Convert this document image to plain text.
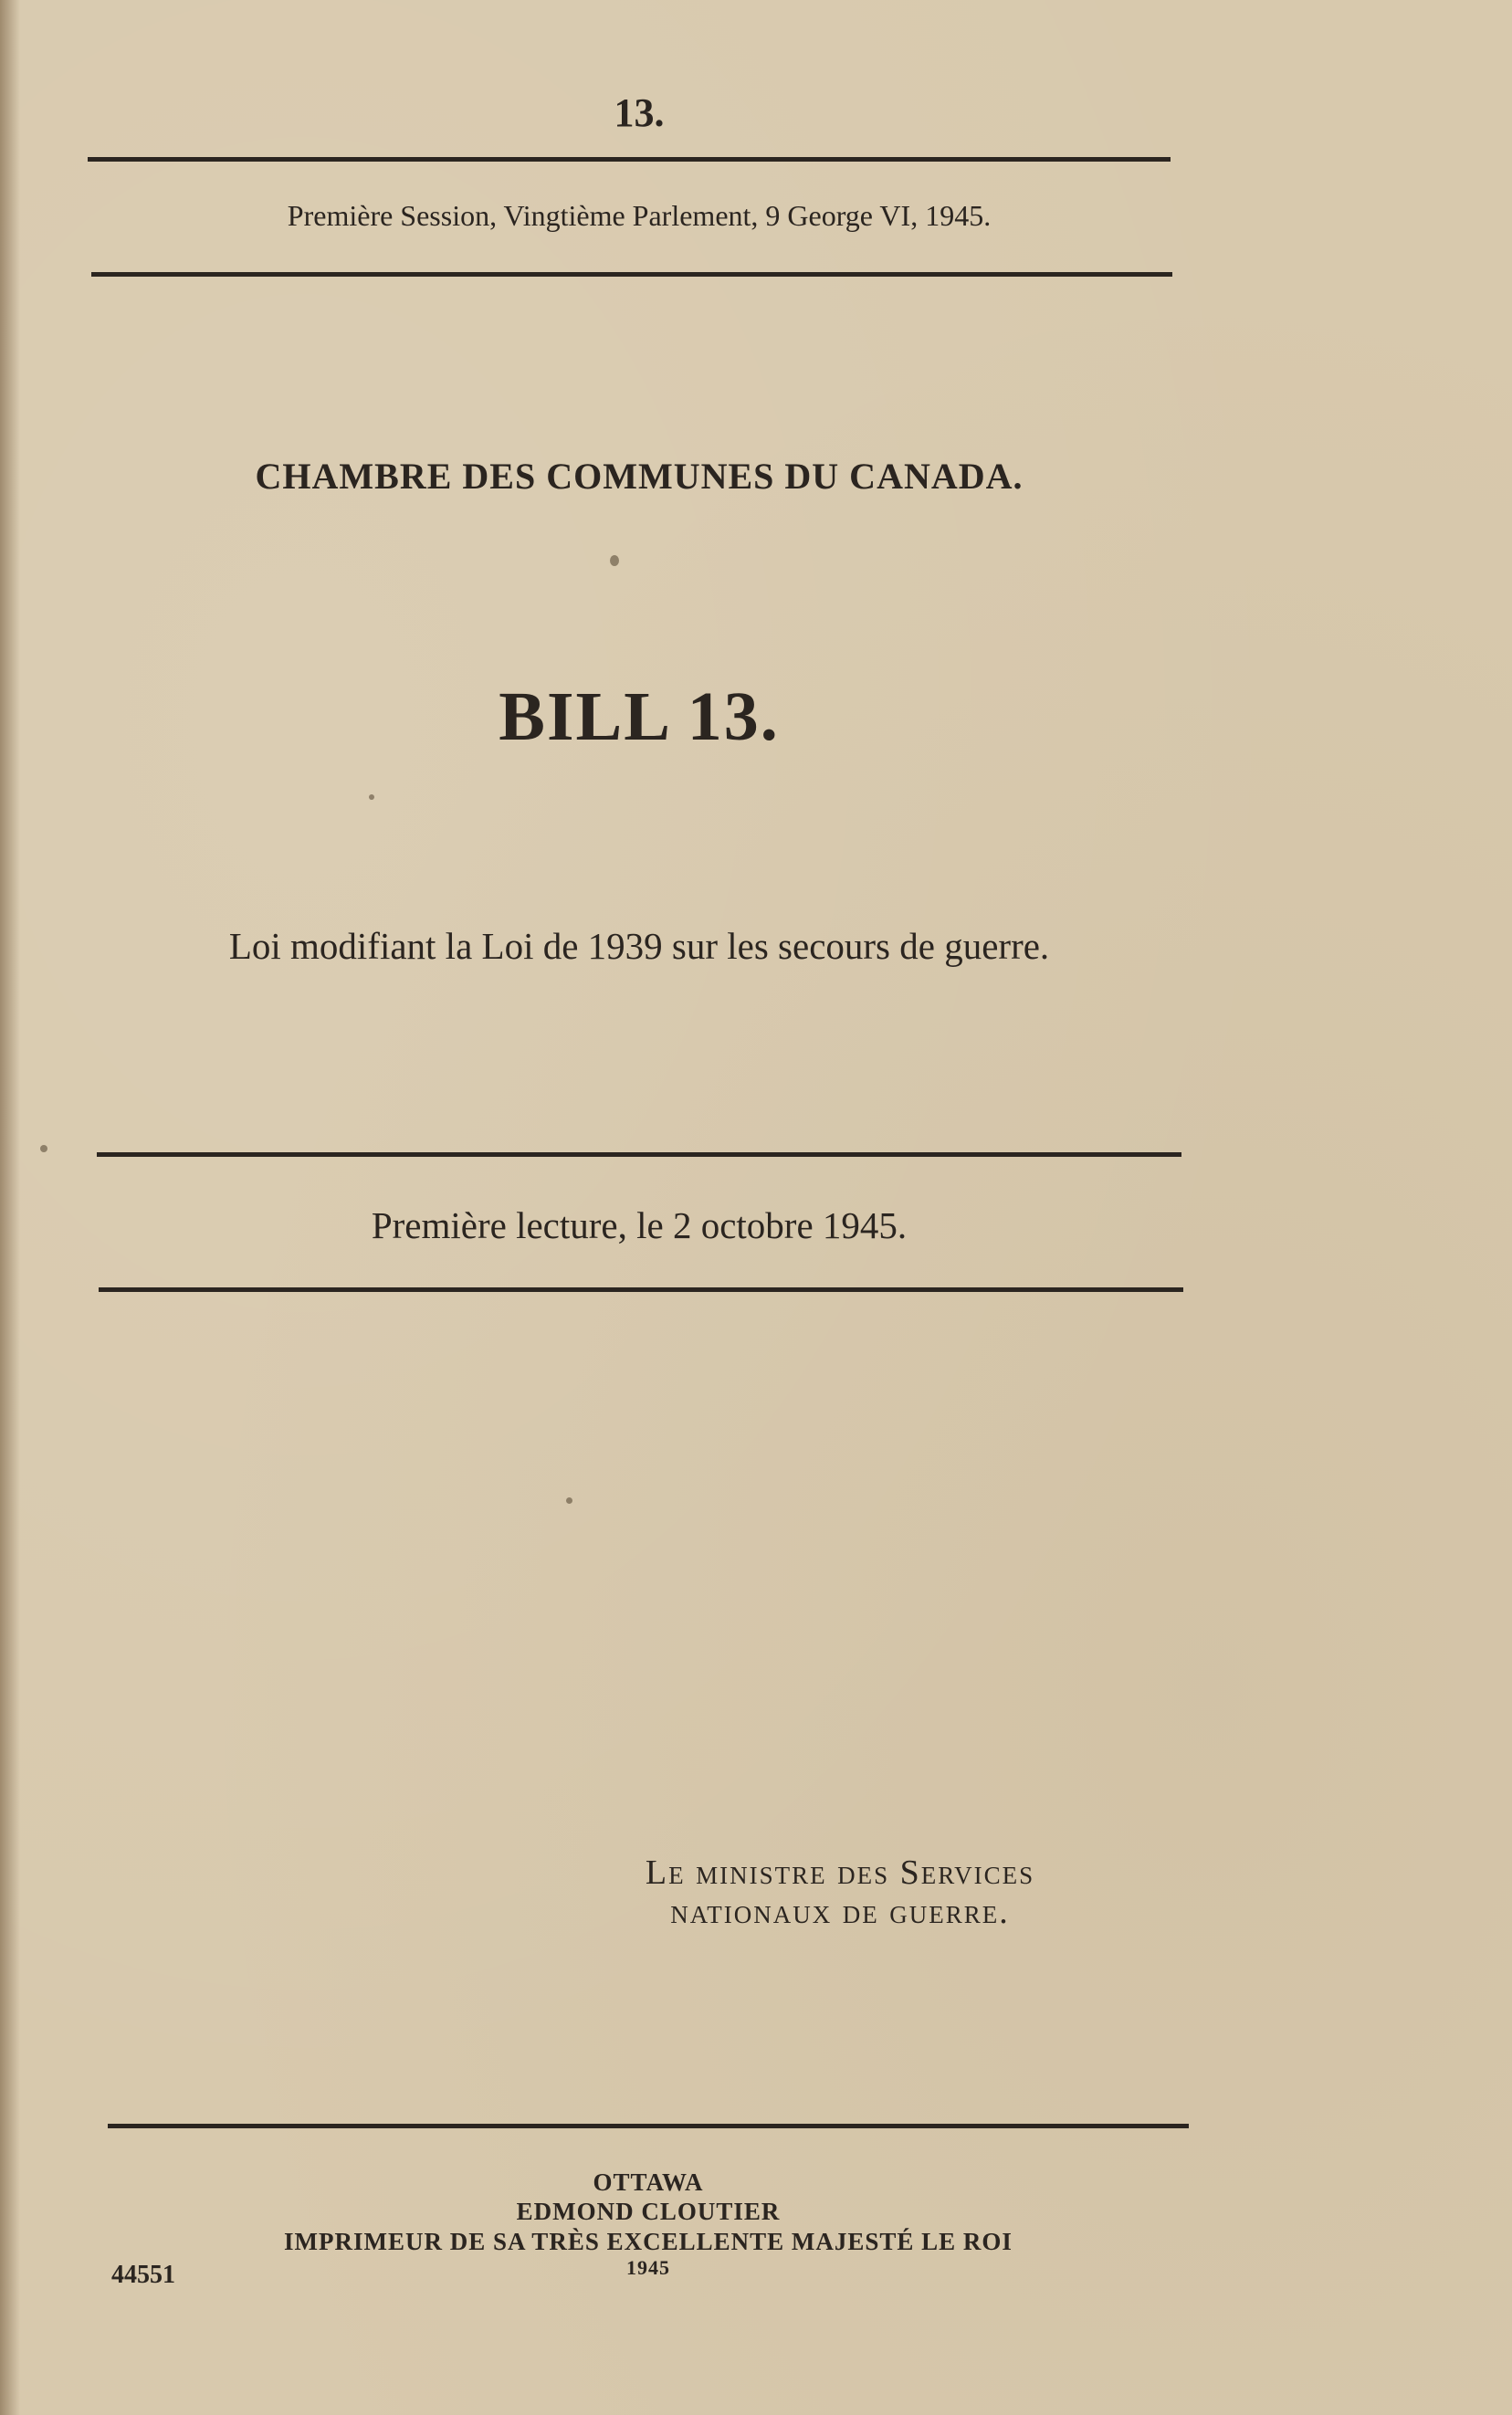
13.
Première Session, Vingtième Parlement, 9 George VI, 1945.
CHAMBRE DES COMMUNES DU CANADA.
BILL 13.
Loi modifiant la Loi de 1939 sur les secours de guerre.
Première lecture, le 2 octobre 1945.
Le ministre des Services
nationaux de guerre.
OTTAWA
EDMOND CLOUTIER
IMPRIMEUR DE SA TRÈS EXCELLENTE MAJESTÉ LE ROI
1945
44551
